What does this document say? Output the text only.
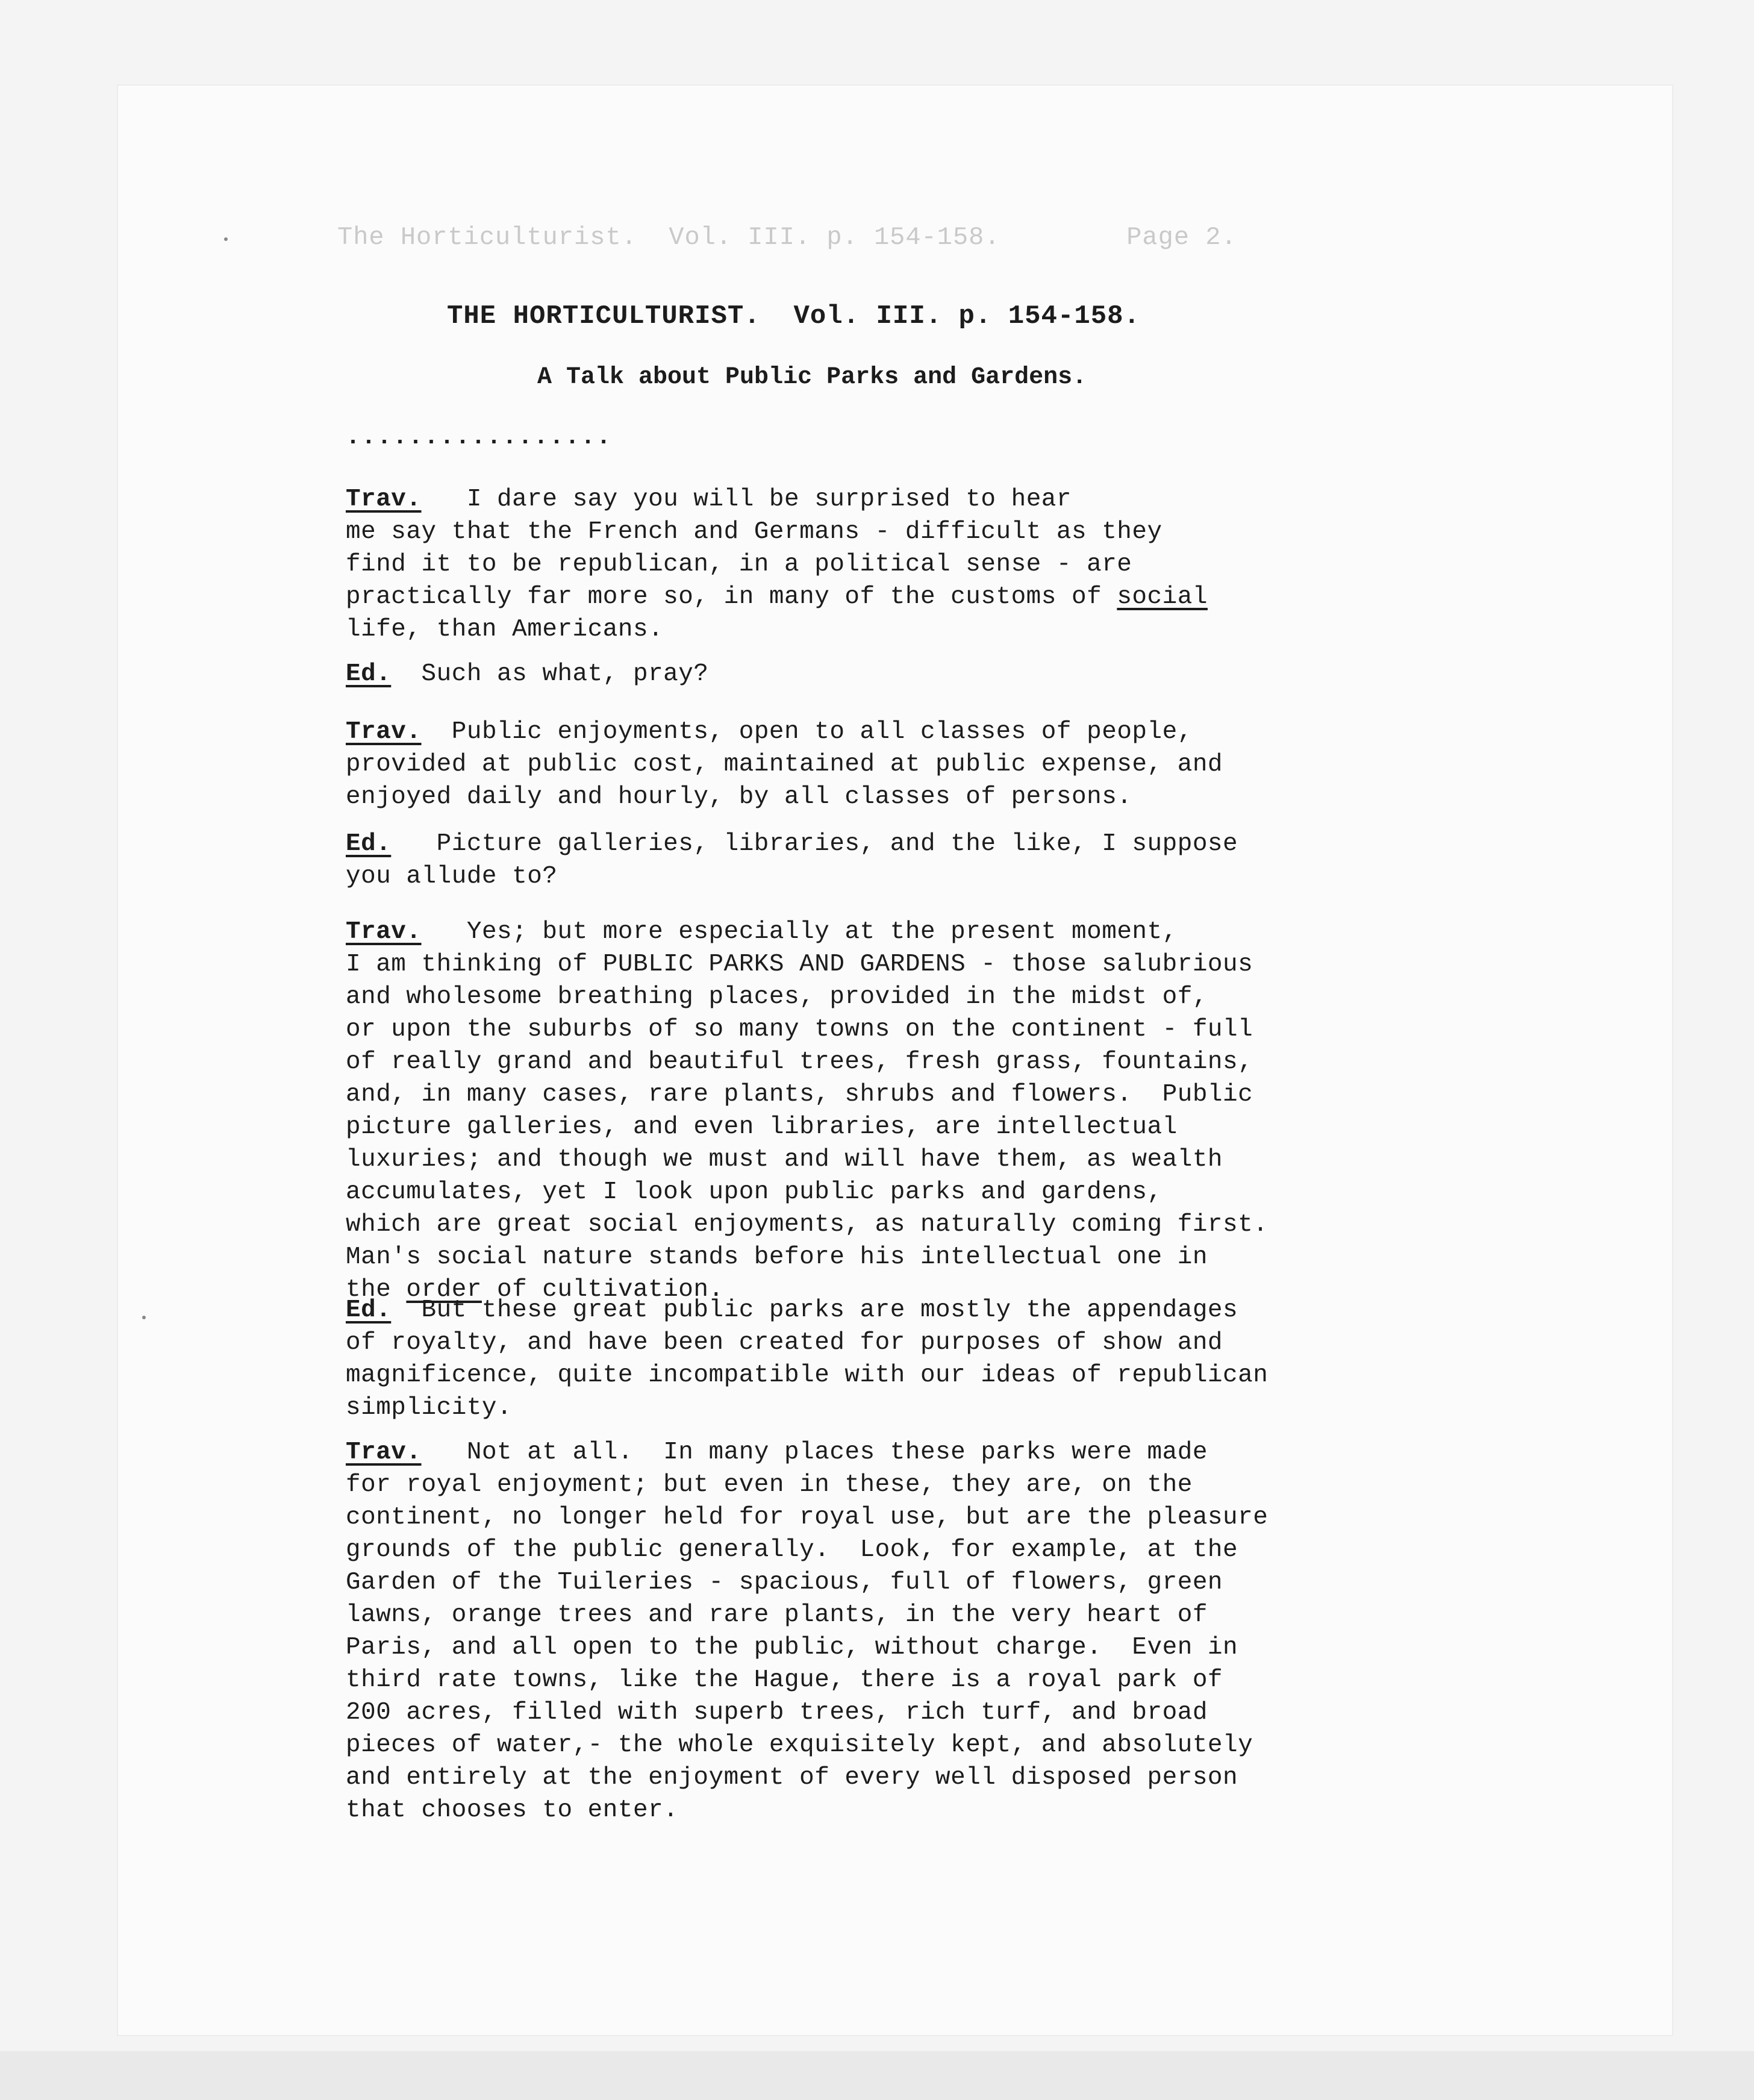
The Horticulturist.  Vol. III. p. 154-158.        Page 2.
THE HORTICULTURIST.  Vol. III. p. 154-158.
A Talk about Public Parks and Gardens.
.................

Trav.   I dare say you will be surprised to hear
me say that the French and Germans - difficult as they
find it to be republican, in a political sense - are
practically far more so, in many of the customs of social
life, than Americans.

Ed.  Such as what, pray?

Trav.  Public enjoyments, open to all classes of people,
provided at public cost, maintained at public expense, and
enjoyed daily and hourly, by all classes of persons.

Ed.   Picture galleries, libraries, and the like, I suppose
you allude to?

Trav.   Yes; but more especially at the present moment,
I am thinking of PUBLIC PARKS AND GARDENS - those salubrious
and wholesome breathing places, provided in the midst of,
or upon the suburbs of so many towns on the continent - full
of really grand and beautiful trees, fresh grass, fountains,
and, in many cases, rare plants, shrubs and flowers.  Public
picture galleries, and even libraries, are intellectual
luxuries; and though we must and will have them, as wealth
accumulates, yet I look upon public parks and gardens,
which are great social enjoyments, as naturally coming first.
Man's social nature stands before his intellectual one in
the order of cultivation.

Ed.  But these great public parks are mostly the appendages
of royalty, and have been created for purposes of show and
magnificence, quite incompatible with our ideas of republican
simplicity.

Trav.   Not at all.  In many places these parks were made
for royal enjoyment; but even in these, they are, on the
continent, no longer held for royal use, but are the pleasure
grounds of the public generally.  Look, for example, at the
Garden of the Tuileries - spacious, full of flowers, green
lawns, orange trees and rare plants, in the very heart of
Paris, and all open to the public, without charge.  Even in
third rate towns, like the Hague, there is a royal park of
200 acres, filled with superb trees, rich turf, and broad
pieces of water,- the whole exquisitely kept, and absolutely
and entirely at the enjoyment of every well disposed person
that chooses to enter.
